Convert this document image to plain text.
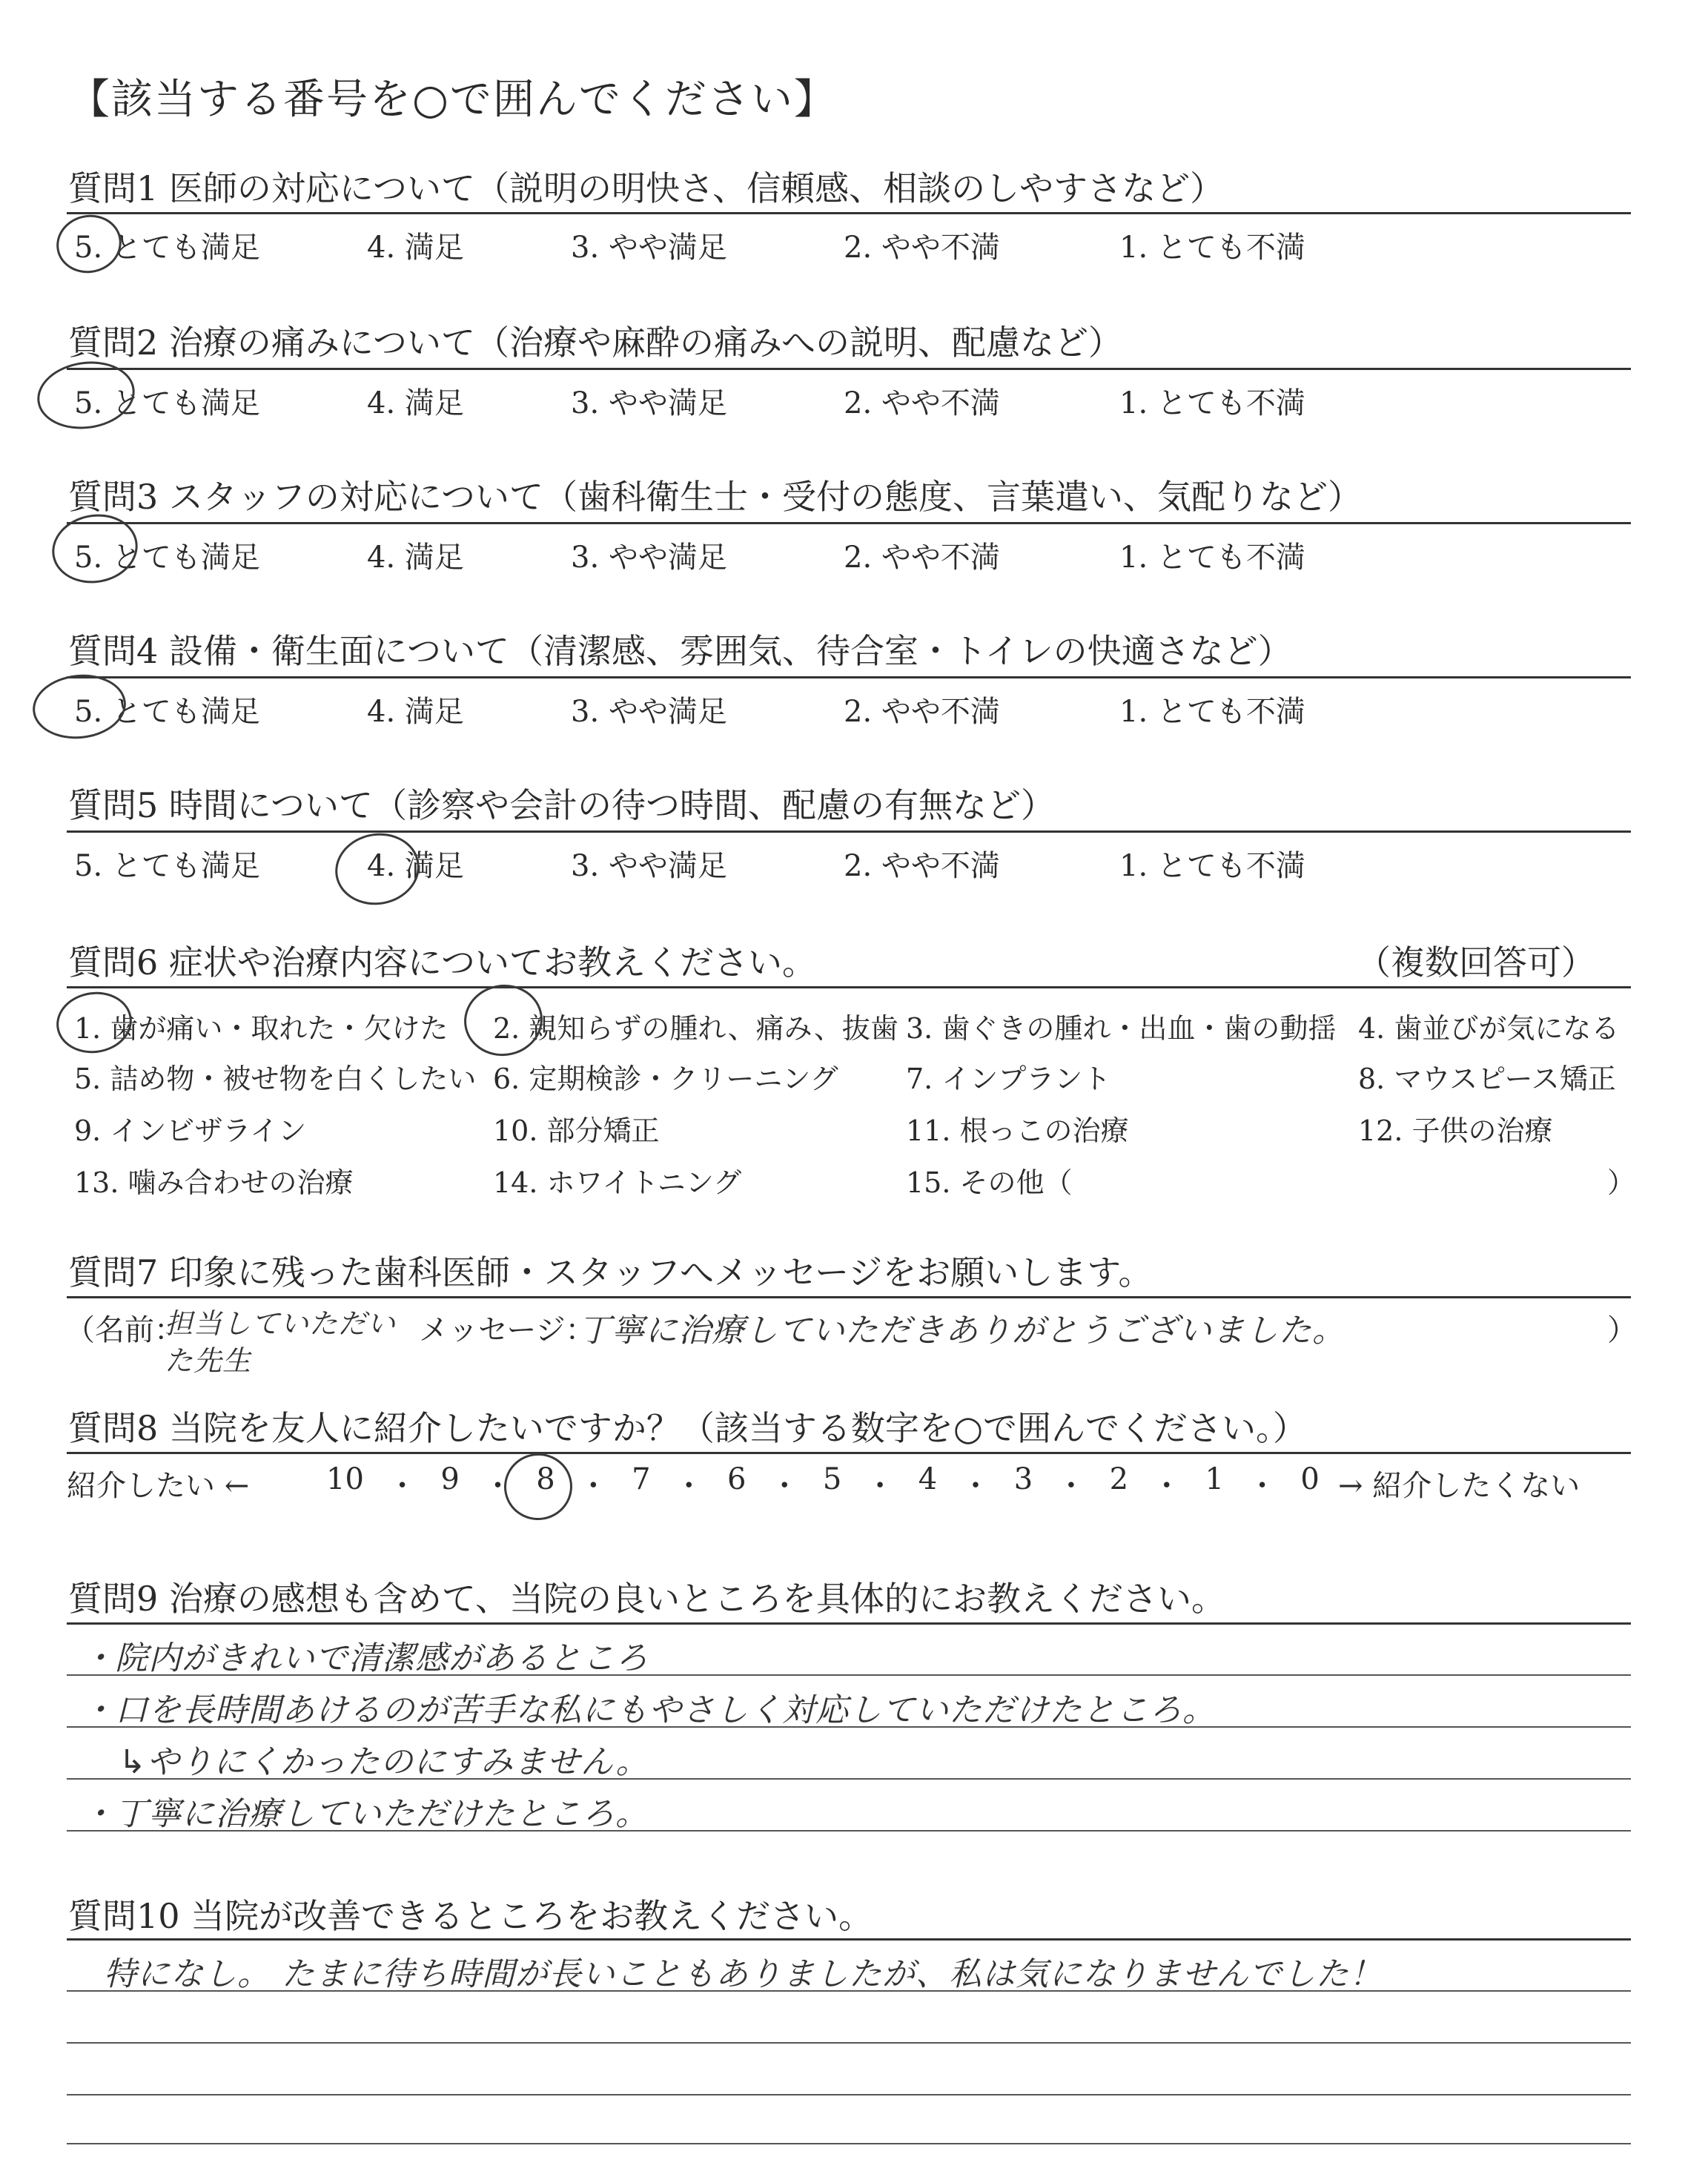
【該当する番号を○で囲んでください】
質問1 医師の対応について（説明の明快さ、信頼感、相談のしやすさなど）
5. とても満足	4. 満足	3. やや満足	2. やや不満	1. とても不満
質問2 治療の痛みについて（治療や麻酔の痛みへの説明、配慮など）
5. とても満足	4. 満足	3. やや満足	2. やや不満	1. とても不満
質問3 スタッフの対応について（歯科衛生士・受付の態度、言葉遣い、気配りなど）
5. とても満足	4. 満足	3. やや満足	2. やや不満	1. とても不満
質問4 設備・衛生面について（清潔感、雰囲気、待合室・トイレの快適さなど）
5. とても満足	4. 満足	3. やや満足	2. やや不満	1. とても不満
質問5 時間について（診察や会計の待つ時間、配慮の有無など）
5. とても満足	4. 満足	3. やや満足	2. やや不満	1. とても不満
質問6 症状や治療内容についてお教えください。	（複数回答可）
1. 歯が痛い・取れた・欠けた 2. 親知らずの腫れ、痛み、抜歯 3. 歯ぐきの腫れ・出血・歯の動揺 4. 歯並びが気になる
5. 詰め物・被せ物を白くしたい 6. 定期検診・クリーニング 7. インプラント	8. マウスピース矯正
9. インビザライン	10. 部分矯正	11. 根っこの治療	12. 子供の治療
13. 噛み合わせの治療	14. ホワイトニング	15. その他（	）
質問7 印象に残った歯科医師・スタッフへメッセージをお願いします。
（名前：
担当していただいた先生
メッセージ：
丁寧に治療していただきありがとうございました。	）
質問8 当院を友人に紹介したいですか？（該当する数字を○で囲んでください。）
紹介したい ←	10 ・ 9 ・ 8 ・ 7 ・ 6 ・ 5 ・ 4 ・ 3 ・ 2 ・ 1 ・ 0 → 紹介したくない
質問9 治療の感想も含めて、当院の良いところを具体的にお教えください。
・院内がきれいで清潔感があるところ
・口を長時間あけるのが苦手な私にもやさしく対応していただけたところ。
↳やりにくかったのにすみません。
・丁寧に治療していただけたところ。
質問10 当院が改善できるところをお教えください。
特になし。 たまに待ち時間が長いこともありましたが、私は気になりませんでした！
